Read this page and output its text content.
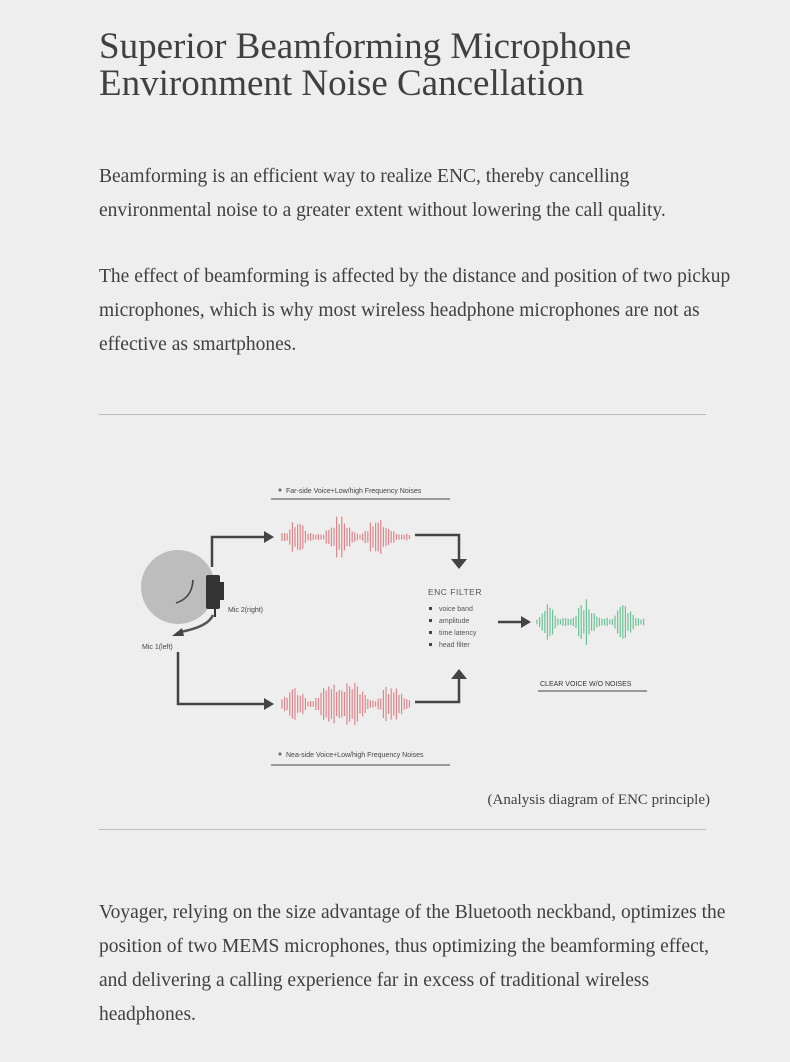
Superior Beamforming Microphone
Environment Noise Cancellation

Beamforming is an efficient way to realize ENC, thereby cancelling environmental noise to a greater extent without lowering the call quality.

The effect of beamforming is affected by the distance and position of two pickup microphones, which is why most wireless headphone microphones are not as effective as smartphones.

Far-side Voice+Low/high Frequency Noises
Mic 2(right)
Mic 1(left)
ENC FILTER
voice band
amplitude
time latency
head filter
CLEAR VOICE W/O NOISES
Nea-side Voice+Low/high Frequency Noises
(Analysis diagram of ENC principle)

Voyager, relying on the size advantage of the Bluetooth neckband, optimizes the position of two MEMS microphones, thus optimizing the beamforming effect, and delivering a calling experience far in excess of traditional wireless headphones.
